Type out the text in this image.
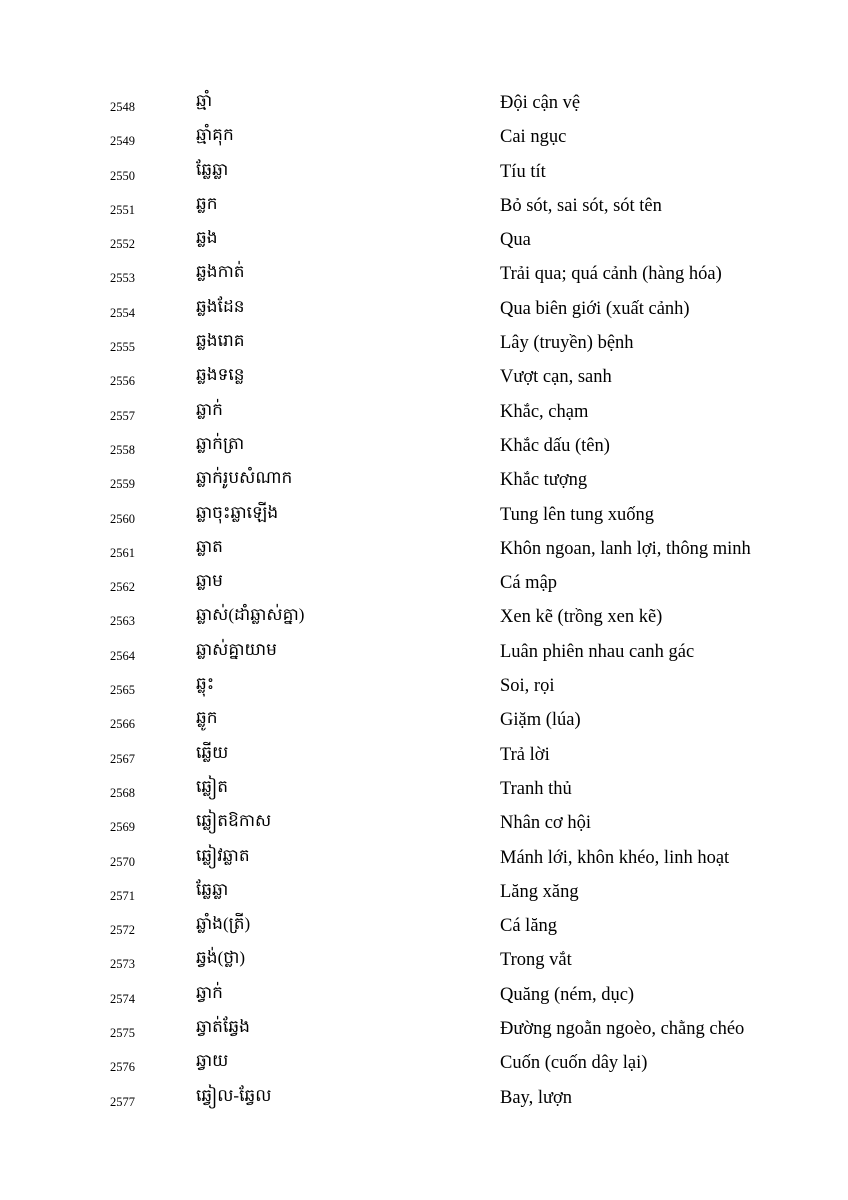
2548	ឆ្មាំ	Đội cận vệ
2549	ឆ្មាំគុក	Cai ngục
2550	ឆ្លែឆ្លា	Tíu tít
2551	ឆ្លក	Bỏ sót, sai sót, sót tên
2552	ឆ្លង	Qua
2553	ឆ្លងកាត់	Trải qua; quá cảnh (hàng hóa)
2554	ឆ្លងដែន	Qua biên giới (xuất cảnh)
2555	ឆ្លងរោគ	Lây (truyền) bệnh
2556	ឆ្លងទន្លេ	Vượt cạn, sanh
2557	ឆ្លាក់	Khắc, chạm
2558	ឆ្លាក់ត្រា	Khắc dấu (tên)
2559	ឆ្លាក់រូបសំណាក	Khắc tượng
2560	ឆ្លាចុះឆ្លាឡើង	Tung lên tung xuống
2561	ឆ្លាត	Khôn ngoan, lanh lợi, thông minh
2562	ឆ្លាម	Cá mập
2563	ឆ្លាស់(ដាំឆ្លាស់គ្នា)	Xen kẽ (trồng xen kẽ)
2564	ឆ្លាស់គ្នាយាម	Luân phiên nhau canh gác
2565	ឆ្លុះ	Soi, rọi
2566	ឆ្លូក	Giặm (lúa)
2567	ឆ្លើយ	Trả lời
2568	ឆ្លៀត	Tranh thủ
2569	ឆ្លៀតឱកាស	Nhân cơ hội
2570	ឆ្លៀវឆ្លាត	Mánh lới, khôn khéo, linh hoạt
2571	ឆ្លែឆ្លា	Lăng xăng
2572	ឆ្លាំង(ត្រី)	Cá lăng
2573	ឆ្វង់(ថ្លា)	Trong vắt
2574	ឆ្វាក់	Quăng (ném, dục)
2575	ឆ្វាត់ឆ្វែង	Đường ngoằn ngoèo, chằng chéo
2576	ឆ្វាយ	Cuốn (cuốn dây lại)
2577	ឆ្វៀល-ឆ្វែល	Bay, lượn
